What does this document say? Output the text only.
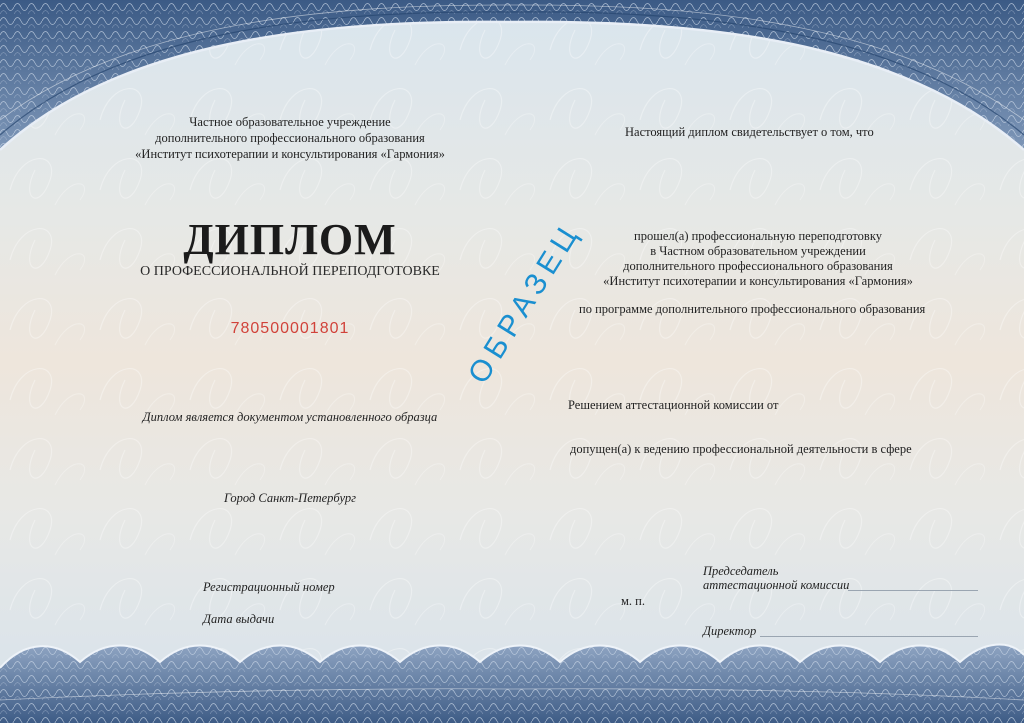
Частное образовательное учреждение
дополнительного профессионального образования
«Институт психотерапии и консультирования «Гармония»
ДИПЛОМ
О ПРОФЕССИОНАЛЬНОЙ ПЕРЕПОДГОТОВКЕ
780500001801
Диплом является документом установленного образца
Город Санкт-Петербург
Регистрационный номер
Дата выдачи
ОБРАЗЕЦ
Настоящий диплом свидетельствует о том, что
прошел(а) профессиональную переподготовку
в Частном образовательном учреждении
дополнительного профессионального образования
«Институт психотерапии и консультирования «Гармония»
по программе дополнительного профессионального образования
Решением аттестационной комиссии от
допущен(а) к ведению профессиональной деятельности в сфере
Председатель
аттестационной комиссии
м. п.
Директор
